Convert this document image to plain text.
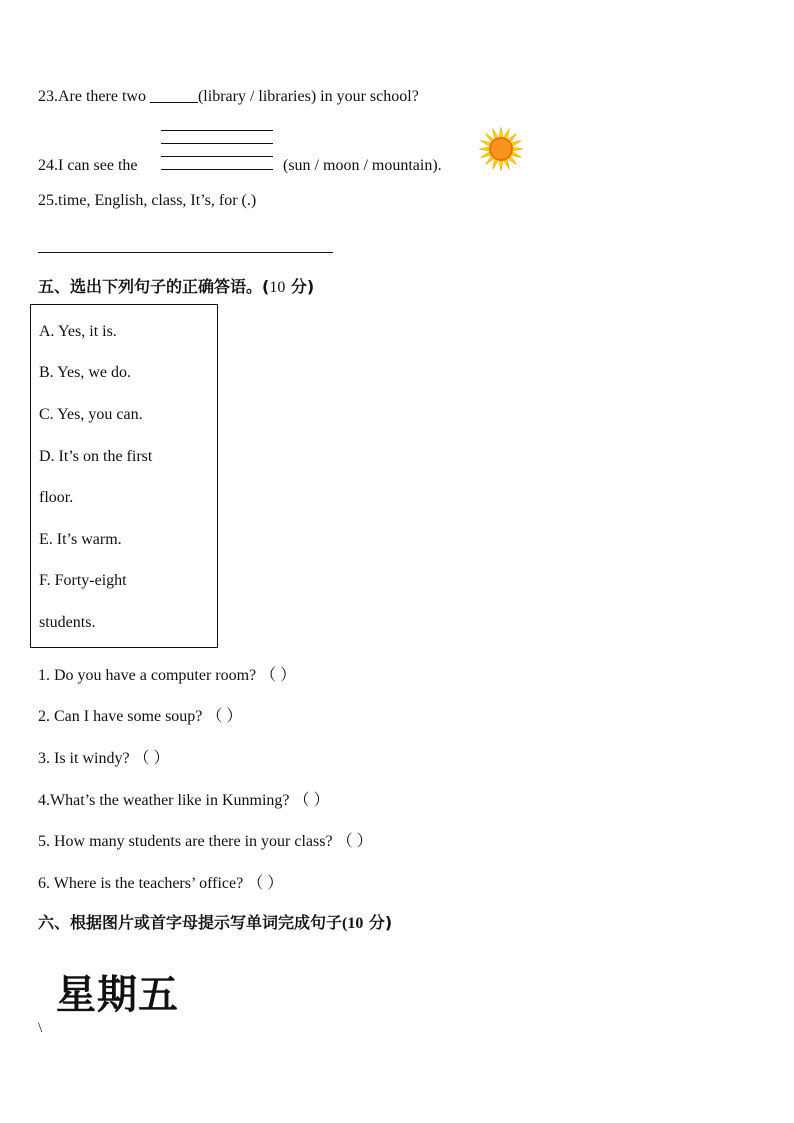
23.Are there two ______(library / libraries) in your school?
24.I can see the	(sun / moon / mountain).
25.time, English, class, It’s, for (.)
五、选出下列句子的正确答语。(10 分)
A. Yes, it is.
B. Yes, we do.
C. Yes, you can.
D. It’s on the first
floor.
E. It’s warm.
F. Forty-eight
students.
1. Do you have a computer room? （ ）
2. Can I have some soup? （ ）
3. Is it windy? （ ）
4.What’s the weather like in Kunming? （ ）
5. How many students are there in your class? （ ）
6. Where is the teachers’ office? （ ）
六、根据图片或首字母提示写单词完成句子(10 分)
星期五
\
